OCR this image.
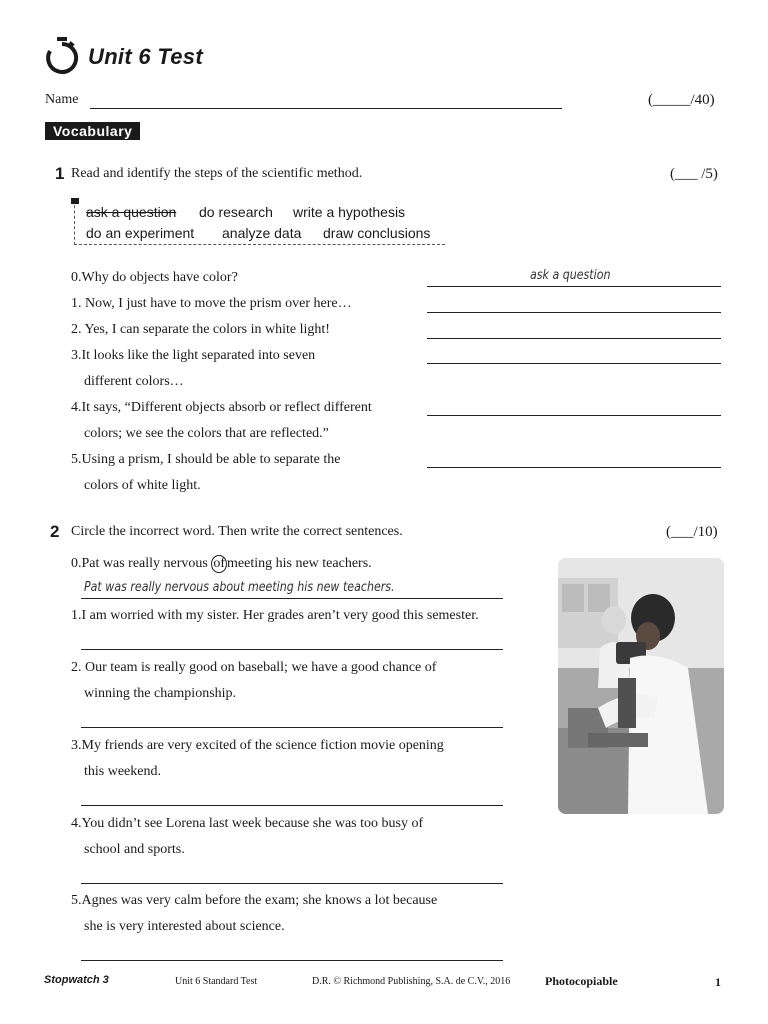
Unit 6 Test
Name	(_____/40)
Vocabulary
1 Read and identify the steps of the scientific method.	(___ /5)
ask a question do research write a hypothesis
do an experiment analyze data draw conclusions
0.Why do objects have color?	ask a question
1. Now, I just have to move the prism over here…
2. Yes, I can separate the colors in white light!
3.It looks like the light separated into seven
different colors…
4.It says, “Different objects absorb or reflect different
colors; we see the colors that are reflected.”
5.Using a prism, I should be able to separate the
colors of white light.
2 Circle the incorrect word. Then write the correct sentences.	(___/10)
0.Pat was really nervous of meeting his new teachers.
Pat was really nervous about meeting his new teachers.
1.I am worried with my sister. Her grades aren’t very good this semester.
2. Our team is really good on baseball; we have a good chance of
winning the championship.
3.My friends are very excited of the science fiction movie opening
this weekend.
4.You didn’t see Lorena last week because she was too busy of
school and sports.
5.Agnes was very calm before the exam; she knows a lot because
she is very interested about science.
Stopwatch 3	Unit 6 Standard Test	D.R. © Richmond Publishing, S.A. de C.V., 2016	Photocopiable	1
